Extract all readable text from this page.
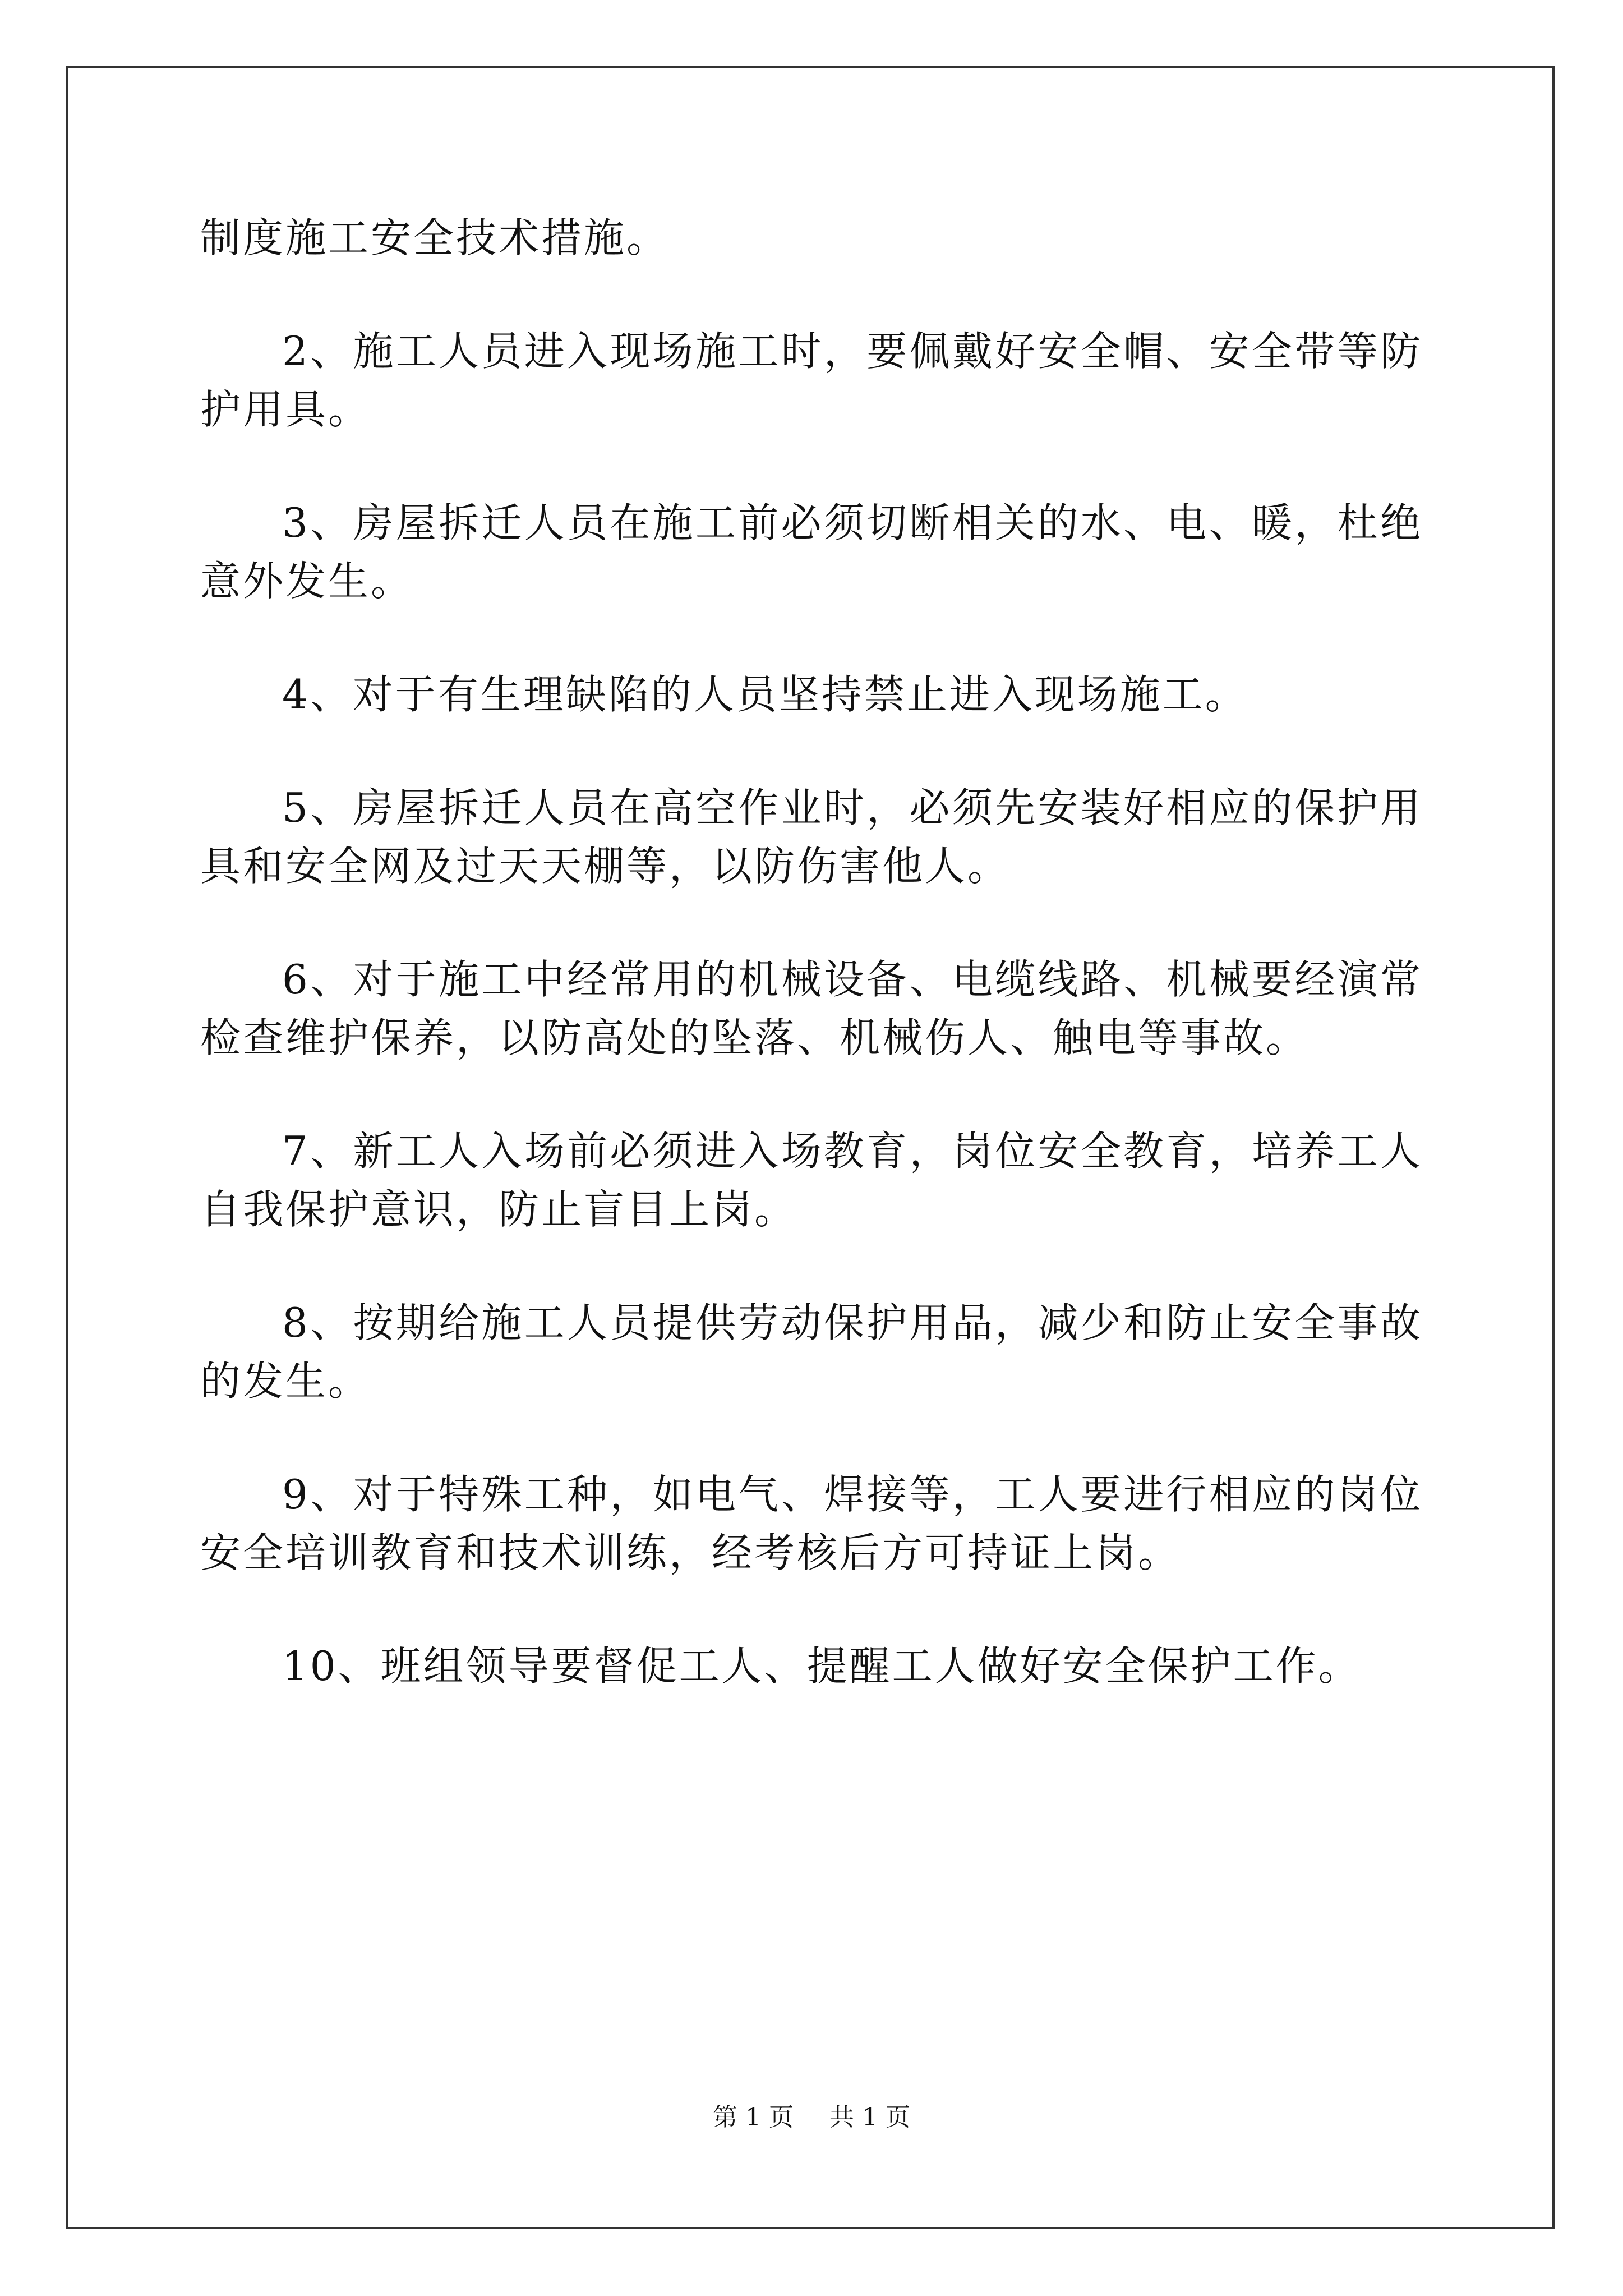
制度施工安全技术措施。

2、施工人员进入现场施工时，要佩戴好安全帽、安全带等防护用具。

3、房屋拆迁人员在施工前必须切断相关的水、电、暖，杜绝意外发生。

4、对于有生理缺陷的人员坚持禁止进入现场施工。

5、房屋拆迁人员在高空作业时，必须先安装好相应的保护用具和安全网及过天天棚等，以防伤害他人。

6、对于施工中经常用的机械设备、电缆线路、机械要经演常检查维护保养，以防高处的坠落、机械伤人、触电等事故。

7、新工人入场前必须进入场教育，岗位安全教育，培养工人自我保护意识，防止盲目上岗。

8、按期给施工人员提供劳动保护用品，减少和防止安全事故的发生。

9、对于特殊工种，如电气、焊接等，工人要进行相应的岗位安全培训教育和技术训练，经考核后方可持证上岗。

10、班组领导要督促工人、提醒工人做好安全保护工作。

第 1 页 共 1 页
